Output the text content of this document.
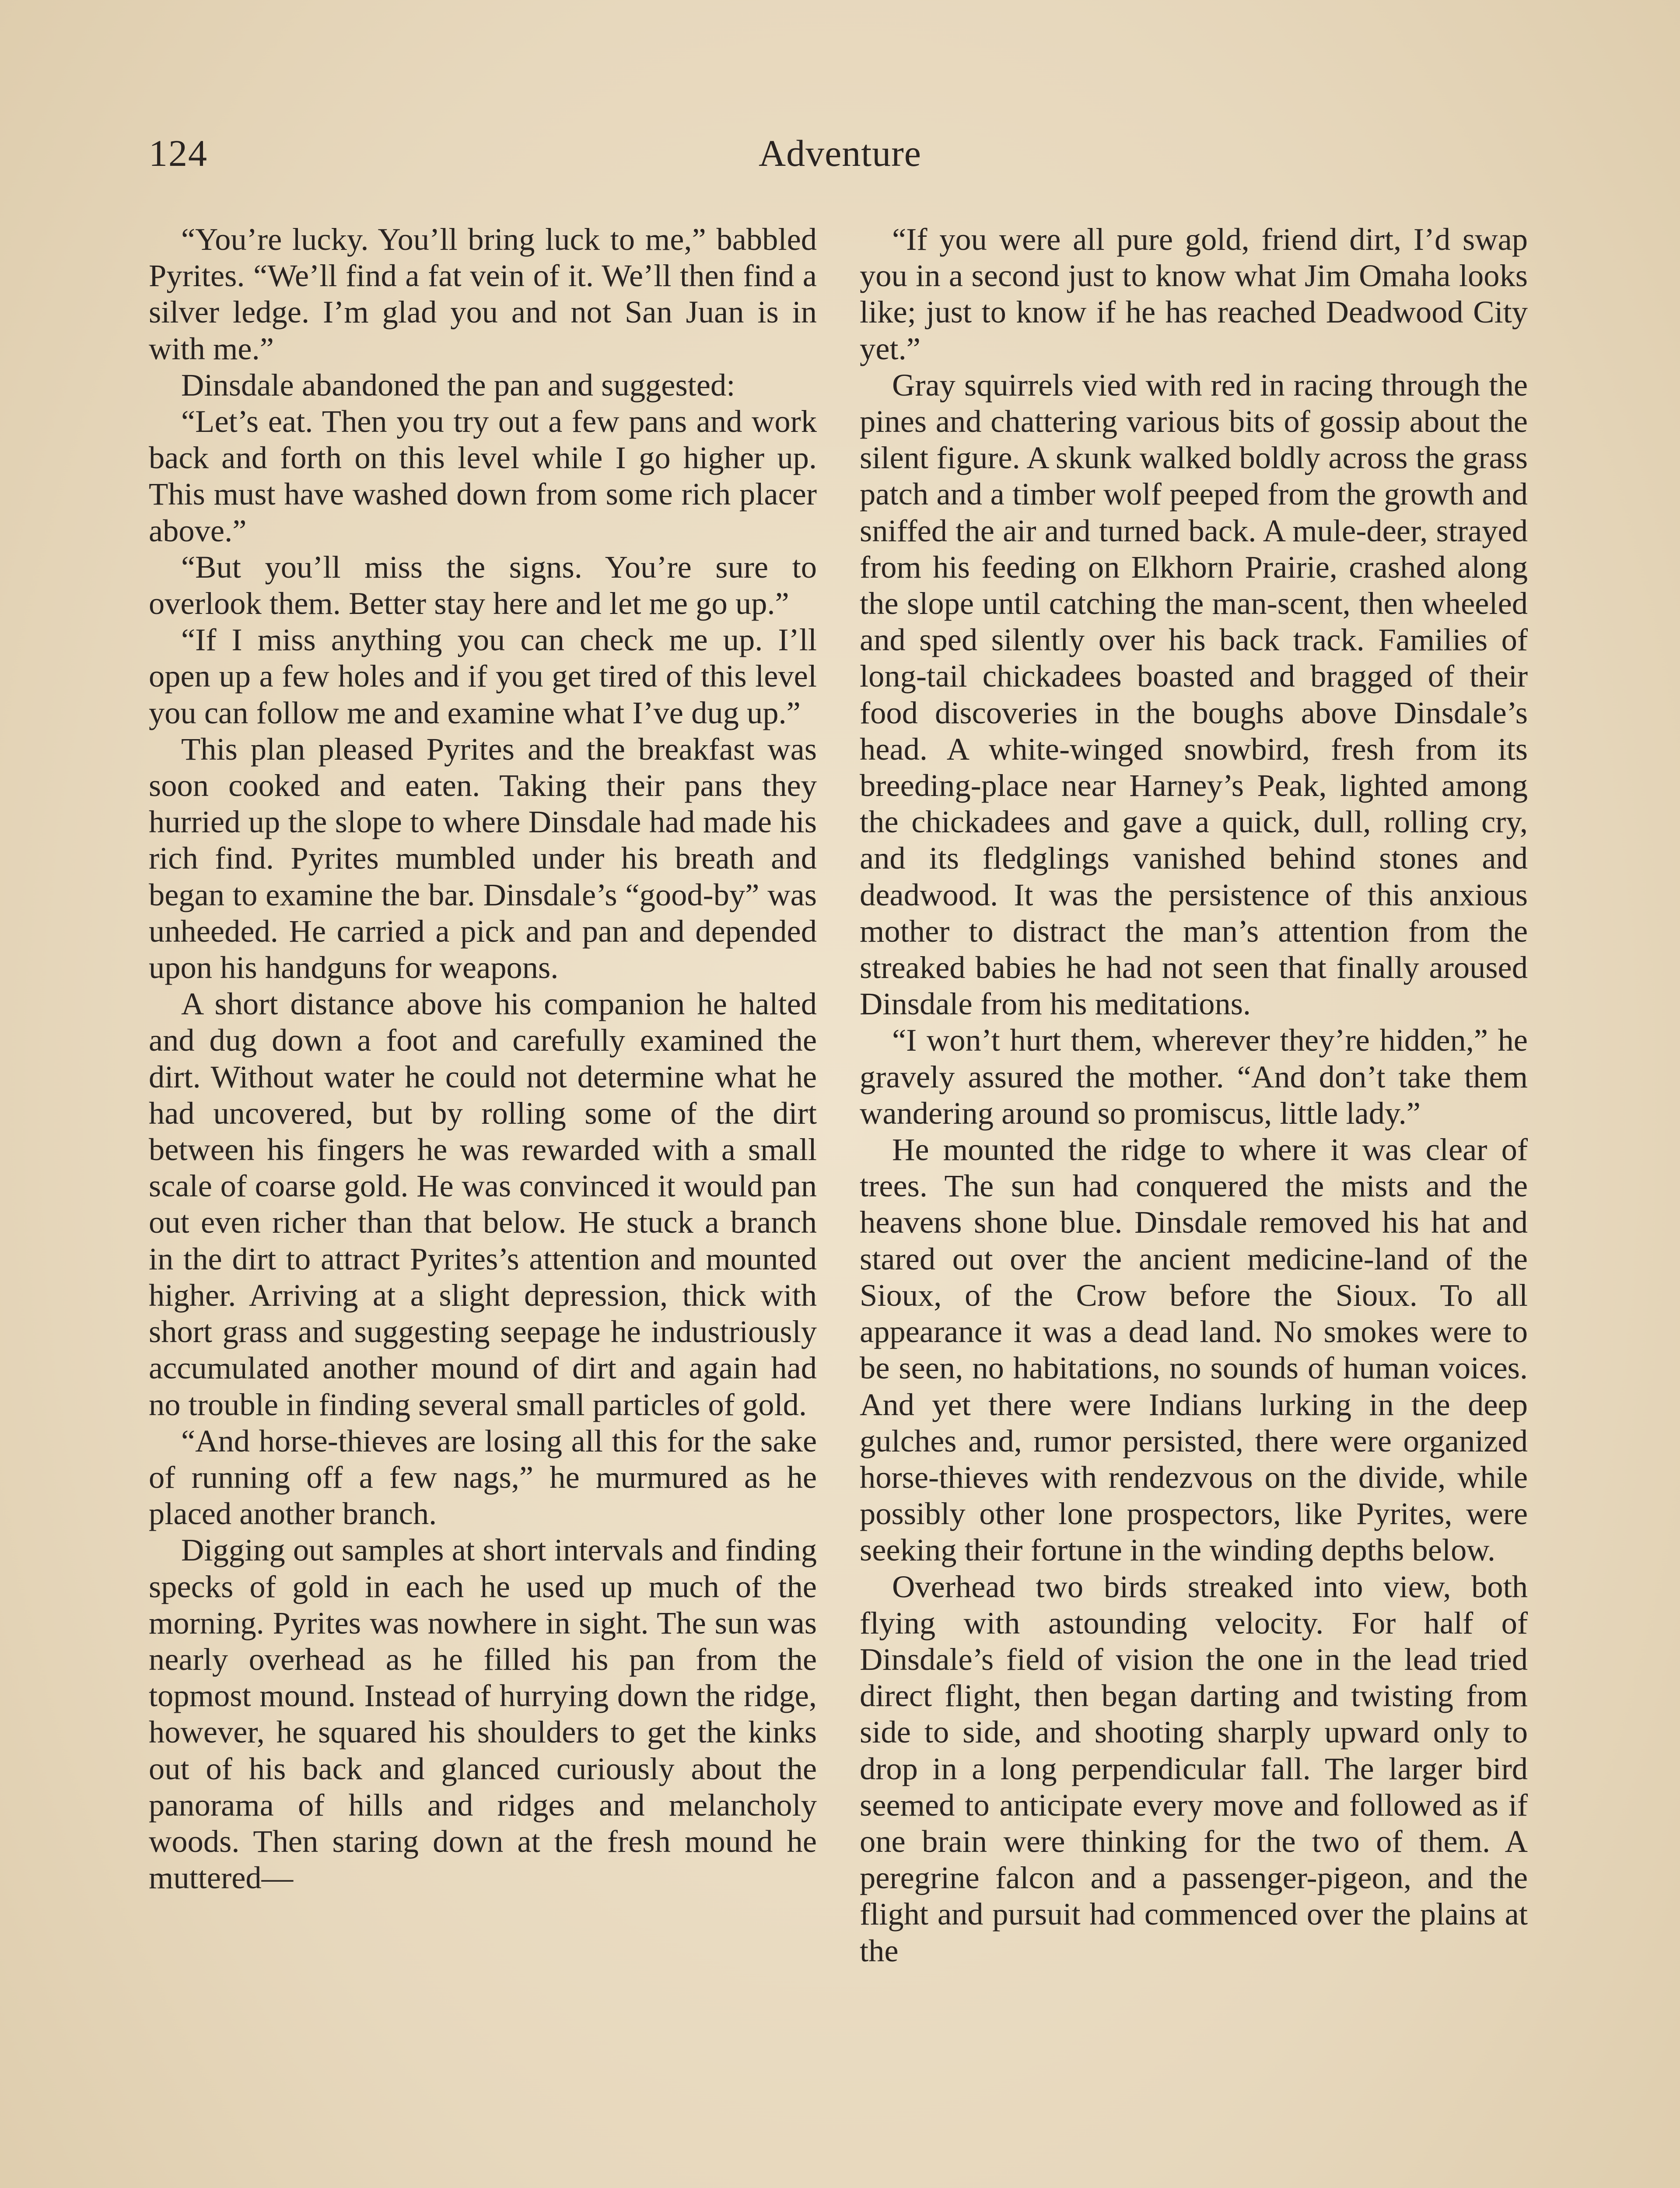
124	Adventure

“You’re lucky. You’ll bring luck to me,” babbled Pyrites. “We’ll find a fat vein of it. We’ll then find a silver ledge. I’m glad you and not San Juan is in with me.”

Dinsdale abandoned the pan and suggested:

“Let’s eat. Then you try out a few pans and work back and forth on this level while I go higher up. This must have washed down from some rich placer above.”

“But you’ll miss the signs. You’re sure to overlook them. Better stay here and let me go up.”

“If I miss anything you can check me up. I’ll open up a few holes and if you get tired of this level you can follow me and examine what I’ve dug up.”

This plan pleased Pyrites and the breakfast was soon cooked and eaten. Taking their pans they hurried up the slope to where Dinsdale had made his rich find. Pyrites mumbled under his breath and began to examine the bar. Dinsdale’s “good-by” was unheeded. He carried a pick and pan and depended upon his handguns for weapons.

A short distance above his companion he halted and dug down a foot and carefully examined the dirt. Without water he could not determine what he had uncovered, but by rolling some of the dirt between his fingers he was rewarded with a small scale of coarse gold. He was convinced it would pan out even richer than that below. He stuck a branch in the dirt to attract Pyrites’s attention and mounted higher. Arriving at a slight depression, thick with short grass and suggesting seepage he industriously accumulated another mound of dirt and again had no trouble in finding several small particles of gold.

“And horse-thieves are losing all this for the sake of running off a few nags,” he murmured as he placed another branch.

Digging out samples at short intervals and finding specks of gold in each he used up much of the morning. Pyrites was nowhere in sight. The sun was nearly overhead as he filled his pan from the topmost mound. Instead of hurrying down the ridge, however, he squared his shoulders to get the kinks out of his back and glanced curiously about the panorama of hills and ridges and melancholy woods. Then staring down at the fresh mound he muttered—

“If you were all pure gold, friend dirt, I’d swap you in a second just to know what Jim Omaha looks like; just to know if he has reached Deadwood City yet.”

Gray squirrels vied with red in racing through the pines and chattering various bits of gossip about the silent figure. A skunk walked boldly across the grass patch and a timber wolf peeped from the growth and sniffed the air and turned back. A mule-deer, strayed from his feeding on Elkhorn Prairie, crashed along the slope until catching the man-scent, then wheeled and sped silently over his back track. Families of long-tail chickadees boasted and bragged of their food discoveries in the boughs above Dinsdale’s head. A white-winged snowbird, fresh from its breeding-place near Harney’s Peak, lighted among the chickadees and gave a quick, dull, rolling cry, and its fledglings vanished behind stones and deadwood. It was the persistence of this anxious mother to distract the man’s attention from the streaked babies he had not seen that finally aroused Dinsdale from his meditations.

“I won’t hurt them, wherever they’re hidden,” he gravely assured the mother. “And don’t take them wandering around so promiscus, little lady.”

He mounted the ridge to where it was clear of trees. The sun had conquered the mists and the heavens shone blue. Dinsdale removed his hat and stared out over the ancient medicine-land of the Sioux, of the Crow before the Sioux. To all appearance it was a dead land. No smokes were to be seen, no habitations, no sounds of human voices. And yet there were Indians lurking in the deep gulches and, rumor persisted, there were organized horse-thieves with rendezvous on the divide, while possibly other lone prospectors, like Pyrites, were seeking their fortune in the winding depths below.

Overhead two birds streaked into view, both flying with astounding velocity. For half of Dinsdale’s field of vision the one in the lead tried direct flight, then began darting and twisting from side to side, and shooting sharply upward only to drop in a long perpendicular fall. The larger bird seemed to anticipate every move and followed as if one brain were thinking for the two of them. A peregrine falcon and a passenger-pigeon, and the flight and pursuit had commenced over the plains at the
